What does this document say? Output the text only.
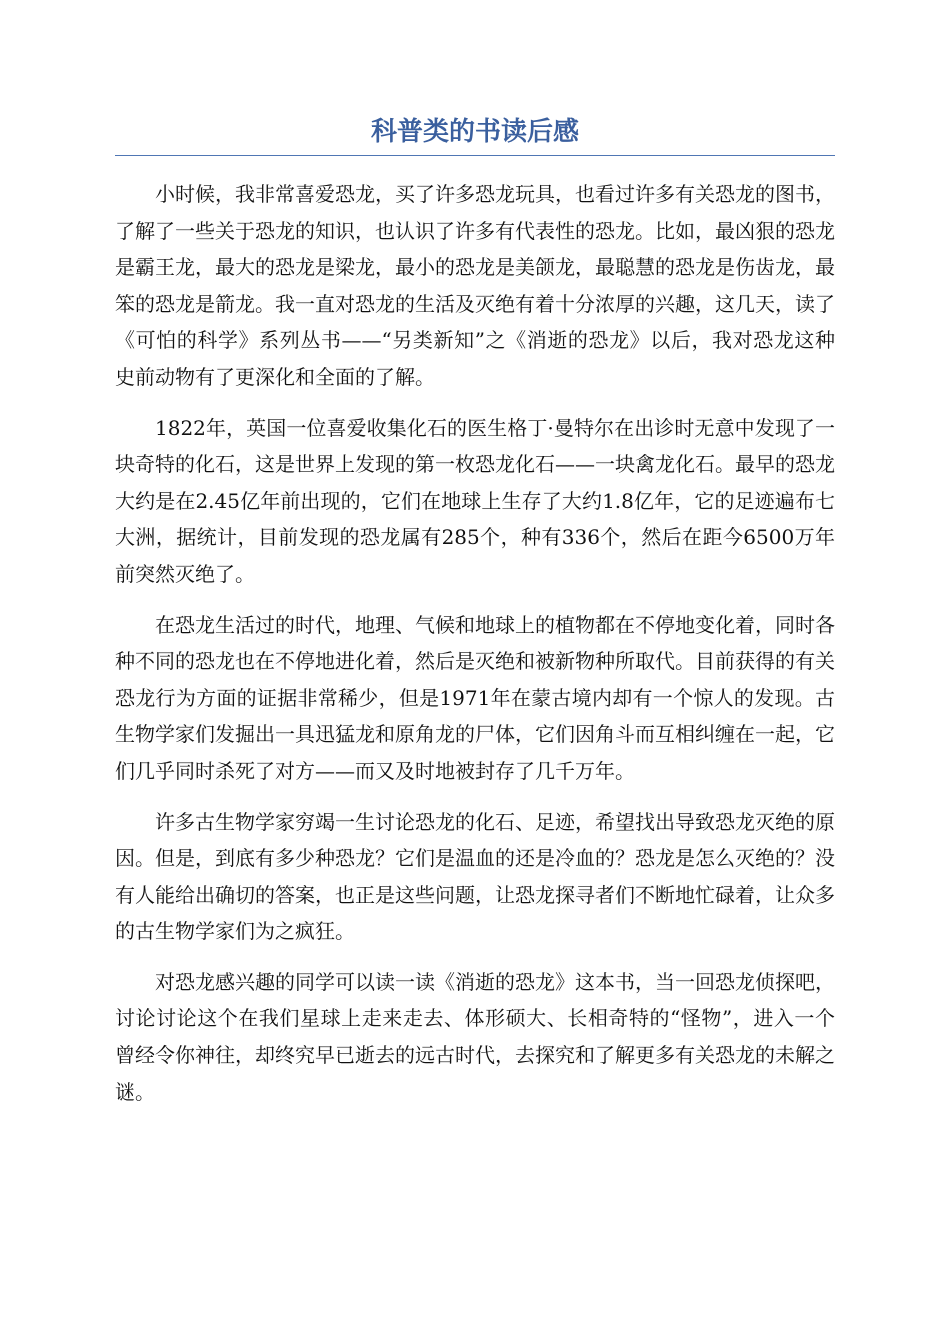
科普类的书读后感

小时候，我非常喜爱恐龙，买了许多恐龙玩具，也看过许多有关恐龙的图书，了解了一些关于恐龙的知识，也认识了许多有代表性的恐龙。比如，最凶狠的恐龙是霸王龙，最大的恐龙是梁龙，最小的恐龙是美颌龙，最聪慧的恐龙是伤齿龙，最笨的恐龙是箭龙。我一直对恐龙的生活及灭绝有着十分浓厚的兴趣，这几天，读了《可怕的科学》系列丛书——“另类新知”之《消逝的恐龙》以后，我对恐龙这种史前动物有了更深化和全面的了解。

1822年，英国一位喜爱收集化石的医生格丁·曼特尔在出诊时无意中发现了一块奇特的化石，这是世界上发现的第一枚恐龙化石——一块禽龙化石。最早的恐龙大约是在2.45亿年前出现的，它们在地球上生存了大约1.8亿年，它的足迹遍布七大洲，据统计，目前发现的恐龙属有285个，种有336个，然后在距今6500万年前突然灭绝了。

在恐龙生活过的时代，地理、气候和地球上的植物都在不停地变化着，同时各种不同的恐龙也在不停地进化着，然后是灭绝和被新物种所取代。目前获得的有关恐龙行为方面的证据非常稀少，但是1971年在蒙古境内却有一个惊人的发现。古生物学家们发掘出一具迅猛龙和原角龙的尸体，它们因角斗而互相纠缠在一起，它们几乎同时杀死了对方——而又及时地被封存了几千万年。

许多古生物学家穷竭一生讨论恐龙的化石、足迹，希望找出导致恐龙灭绝的原因。但是，到底有多少种恐龙？它们是温血的还是冷血的？恐龙是怎么灭绝的？没有人能给出确切的答案，也正是这些问题，让恐龙探寻者们不断地忙碌着，让众多的古生物学家们为之疯狂。

对恐龙感兴趣的同学可以读一读《消逝的恐龙》这本书，当一回恐龙侦探吧，讨论讨论这个在我们星球上走来走去、体形硕大、长相奇特的“怪物”，进入一个曾经令你神往，却终究早已逝去的远古时代，去探究和了解更多有关恐龙的未解之谜。
